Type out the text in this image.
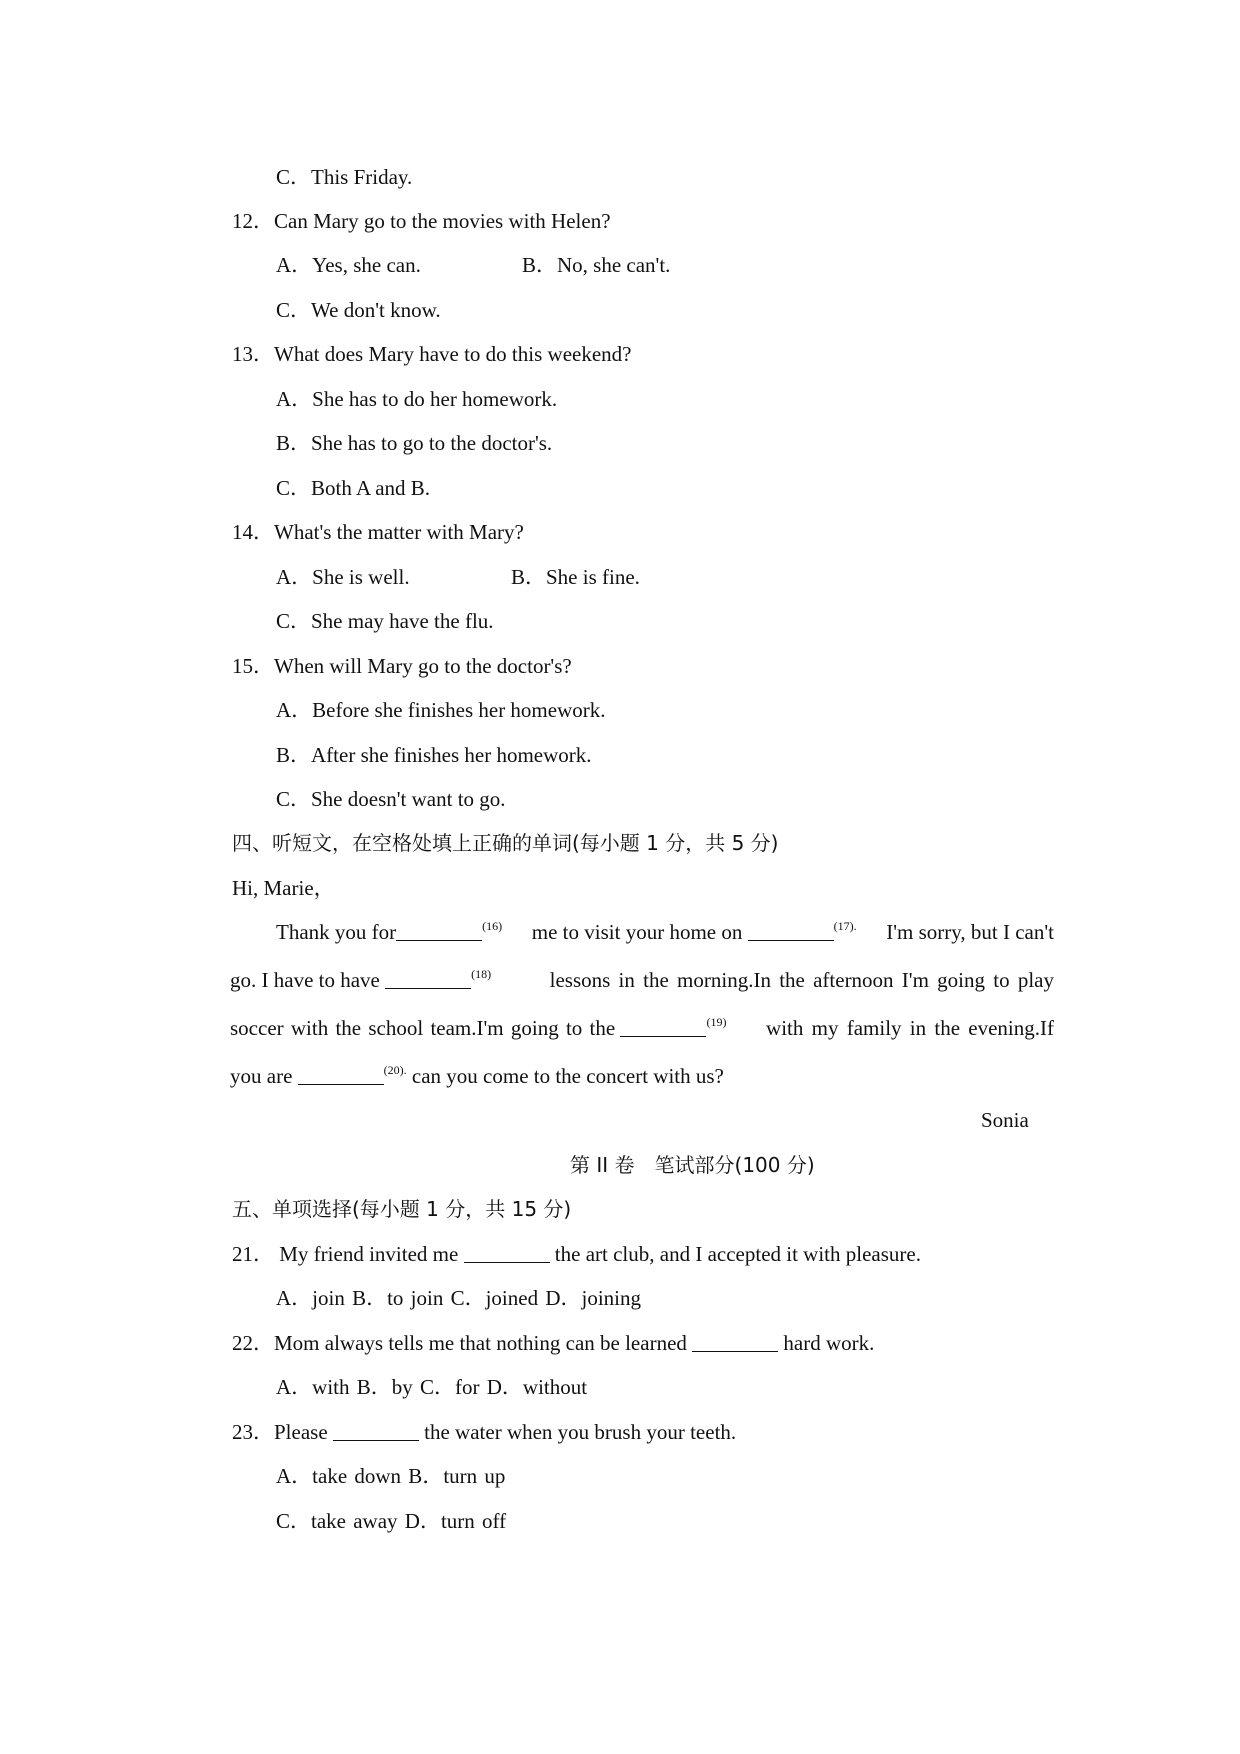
C．This Friday.
12．Can Mary go to the movies with Helen?
A．Yes, she can.	B．No, she can't.
C．We don't know.
13．What does Mary have to do this weekend?
A．She has to do her homework.
B．She has to go to the doctor's.
C．Both A and B.
14．What's the matter with Mary?
A．She is well.	B．She is fine.
C．She may have the flu.
15．When will Mary go to the doctor's?
A．Before she finishes her homework.
B．After she finishes her homework.
C．She doesn't want to go.
四、听短文，在空格处填上正确的单词(每小题 1 分，共 5 分)
Hi, Marie，
Thank you for	$^{(16)}$ me to visit your home on	$^{(17).}$ I'm sorry, but I can't
go. I have to have	$^{(18)}$	lessons in the morning.In the afternoon I'm going to play
soccer with the school team.I'm going to the	$^{(19)}$ with my family in the evening.If
you are	$^{(20).}$ can you come to the concert with us?
Sonia
第 II 卷　笔试部分(100 分)
五、单项选择(每小题 1 分，共 15 分)
21． My friend invited me	the art club, and I accepted it with pleasure.
A．join B．to join C．joined D．joining
22．Mom always tells me that nothing can be learned	hard work.
A．with B．by C．for D．without
23．Please	the water when you brush your teeth.
A．take down B．turn up
C．take away D．turn off
